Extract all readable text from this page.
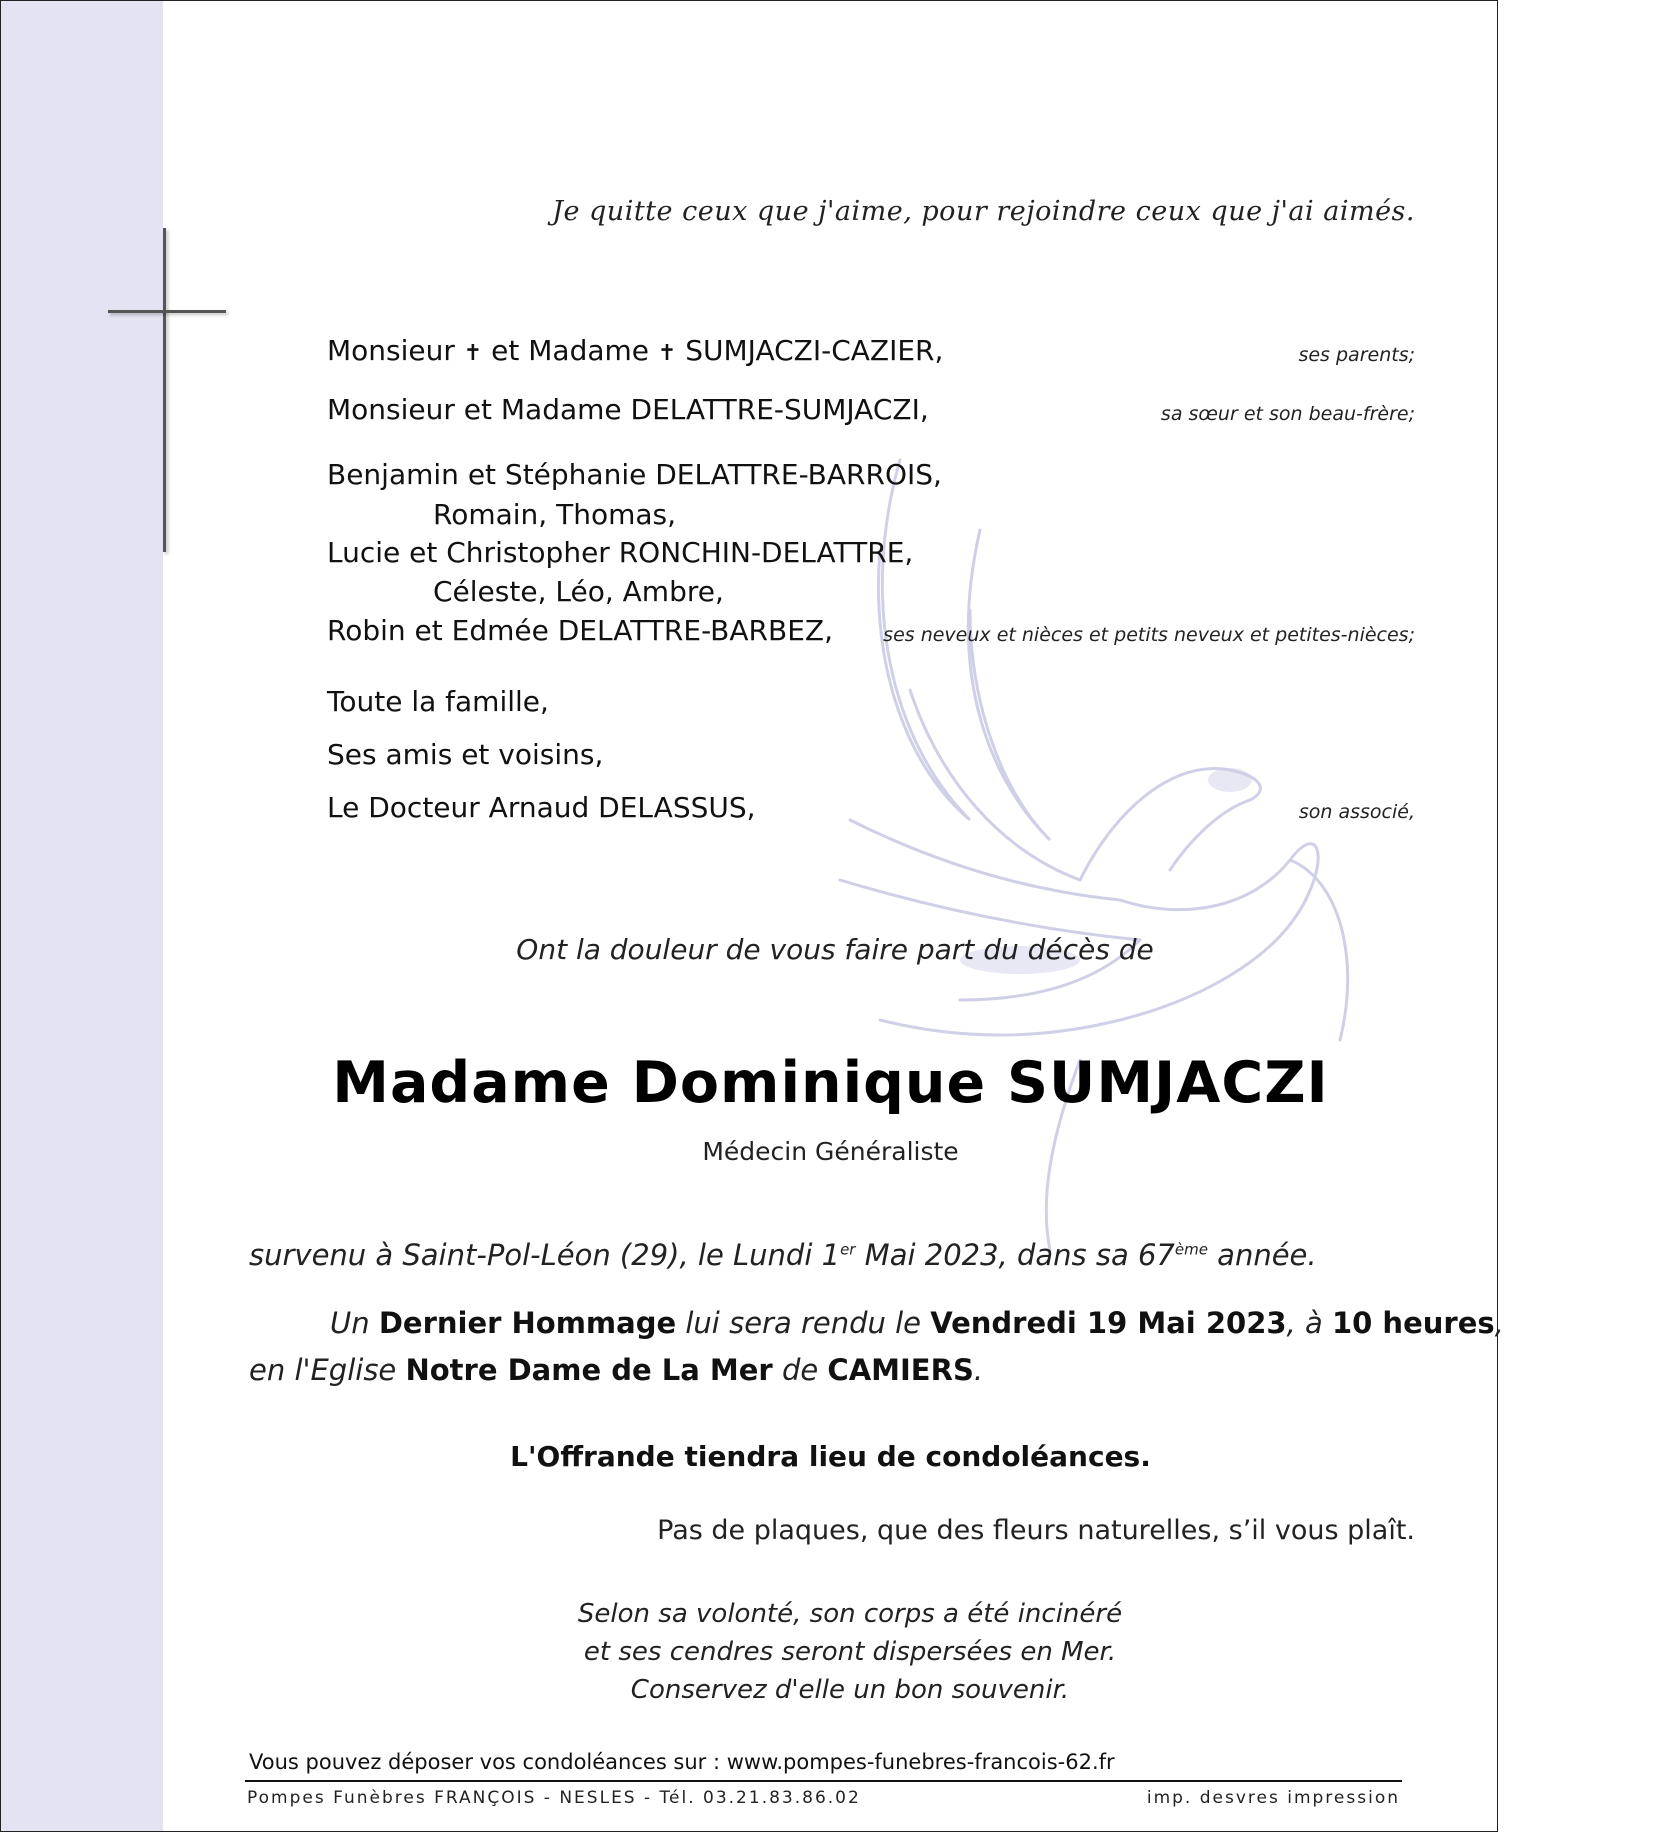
Je quitte ceux que j'aime, pour rejoindre ceux que j'ai aimés.
Monsieur ✝ et Madame ✝ SUMJACZI-CAZIER,	ses parents;
Monsieur et Madame DELATTRE-SUMJACZI,	sa sœur et son beau-frère;
Benjamin et Stéphanie DELATTRE-BARROIS,
Romain, Thomas,
Lucie et Christopher RONCHIN-DELATTRE,
Céleste, Léo, Ambre,
Robin et Edmée DELATTRE-BARBEZ,	ses neveux et nièces et petits neveux et petites-nièces;
Toute la famille,
Ses amis et voisins,
Le Docteur Arnaud DELASSUS,	son associé,
Ont la douleur de vous faire part du décès de
Madame Dominique SUMJACZI
Médecin Généraliste
survenu à Saint-Pol-Léon (29), le Lundi 1er Mai 2023, dans sa 67ème année.
Un Dernier Hommage lui sera rendu le Vendredi 19 Mai 2023, à 10 heures,
en l'Eglise Notre Dame de La Mer de CAMIERS.
L'Offrande tiendra lieu de condoléances.
Pas de plaques, que des fleurs naturelles, s’il vous plaît.
Selon sa volonté, son corps a été incinéré
et ses cendres seront dispersées en Mer.
Conservez d'elle un bon souvenir.
Vous pouvez déposer vos condoléances sur : www.pompes-funebres-francois-62.fr
Pompes Funèbres FRANÇOIS - NESLES - Tél. 03.21.83.86.02	imp. desvres impression
